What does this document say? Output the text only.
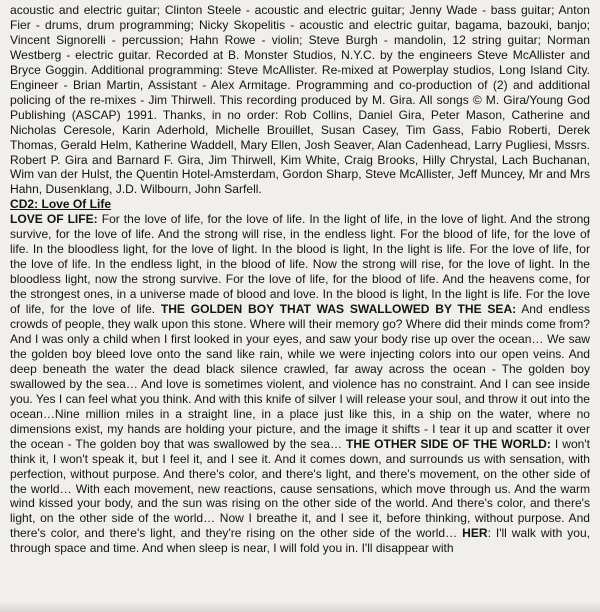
acoustic and electric guitar; Clinton Steele - acoustic and electric guitar; Jenny Wade - bass guitar; Anton Fier - drums, drum programming; Nicky Skopelitis - acoustic and electric guitar, bagama, bazouki, banjo; Vincent Signorelli - percussion; Hahn Rowe - violin; Steve Burgh - mandolin, 12 string guitar; Norman Westberg - electric guitar. Recorded at B. Monster Studios, N.Y.C. by the engineers Steve McAllister and Bryce Goggin. Additional programming: Steve McAllister. Re-mixed at Powerplay studios, Long Island City. Engineer - Brian Martin, Assistant - Alex Armitage. Programming and co-production of (2) and additional policing of the re-mixes - Jim Thirwell. This recording produced by M. Gira. All songs © M. Gira/Young God Publishing (ASCAP) 1991. Thanks, in no order: Rob Collins, Daniel Gira, Peter Mason, Catherine and Nicholas Ceresole, Karin Aderhold, Michelle Brouillet, Susan Casey, Tim Gass, Fabio Roberti, Derek Thomas, Gerald Helm, Katherine Waddell, Mary Ellen, Josh Seaver, Alan Cadenhead, Larry Pugliesi, Mssrs. Robert P. Gira and Barnard F. Gira, Jim Thirwell, Kim White, Craig Brooks, Hilly Chrystal, Lach Buchanan, Wim van der Hulst, the Quentin Hotel-Amsterdam, Gordon Sharp, Steve McAllister, Jeff Muncey, Mr and Mrs Hahn, Dusenklang, J.D. Wilbourn, John Sarfell.

CD2: Love Of Life

LOVE OF LIFE: For the love of life, for the love of life. In the light of life, in the love of light. And the strong survive, for the love of life. And the strong will rise, in the endless light. For the blood of life, for the love of life. In the bloodless light, for the love of light. In the blood is light, In the light is life. For the love of life, for the love of life. In the endless light, in the blood of life. Now the strong will rise, for the love of light. In the bloodless light, now the strong survive. For the love of life, for the blood of life. And the heavens come, for the strongest ones, in a universe made of blood and love. In the blood is light, In the light is life. For the love of life, for the love of life. THE GOLDEN BOY THAT WAS SWALLOWED BY THE SEA: And endless crowds of people, they walk upon this stone. Where will their memory go? Where did their minds come from? And I was only a child when I first looked in your eyes, and saw your body rise up over the ocean… We saw the golden boy bleed love onto the sand like rain, while we were injecting colors into our open veins. And deep beneath the water the dead black silence crawled, far away across the ocean - The golden boy swallowed by the sea… And love is sometimes violent, and violence has no constraint. And I can see inside you. Yes I can feel what you think. And with this knife of silver I will release your soul, and throw it out into the ocean…Nine million miles in a straight line, in a place just like this, in a ship on the water, where no dimensions exist, my hands are holding your picture, and the image it shifts - I tear it up and scatter it over the ocean - The golden boy that was swallowed by the sea… THE OTHER SIDE OF THE WORLD: I won't think it, I won't speak it, but I feel it, and I see it. And it comes down, and surrounds us with sensation, with perfection, without purpose. And there's color, and there's light, and there's movement, on the other side of the world… With each movement, new reactions, cause sensations, which move through us. And the warm wind kissed your body, and the sun was rising on the other side of the world. And there's color, and there's light, on the other side of the world… Now I breathe it, and I see it, before thinking, without purpose. And there's color, and there's light, and they're rising on the other side of the world… HER: I'll walk with you, through space and time. And when sleep is near, I will fold you in. I'll disappear with
